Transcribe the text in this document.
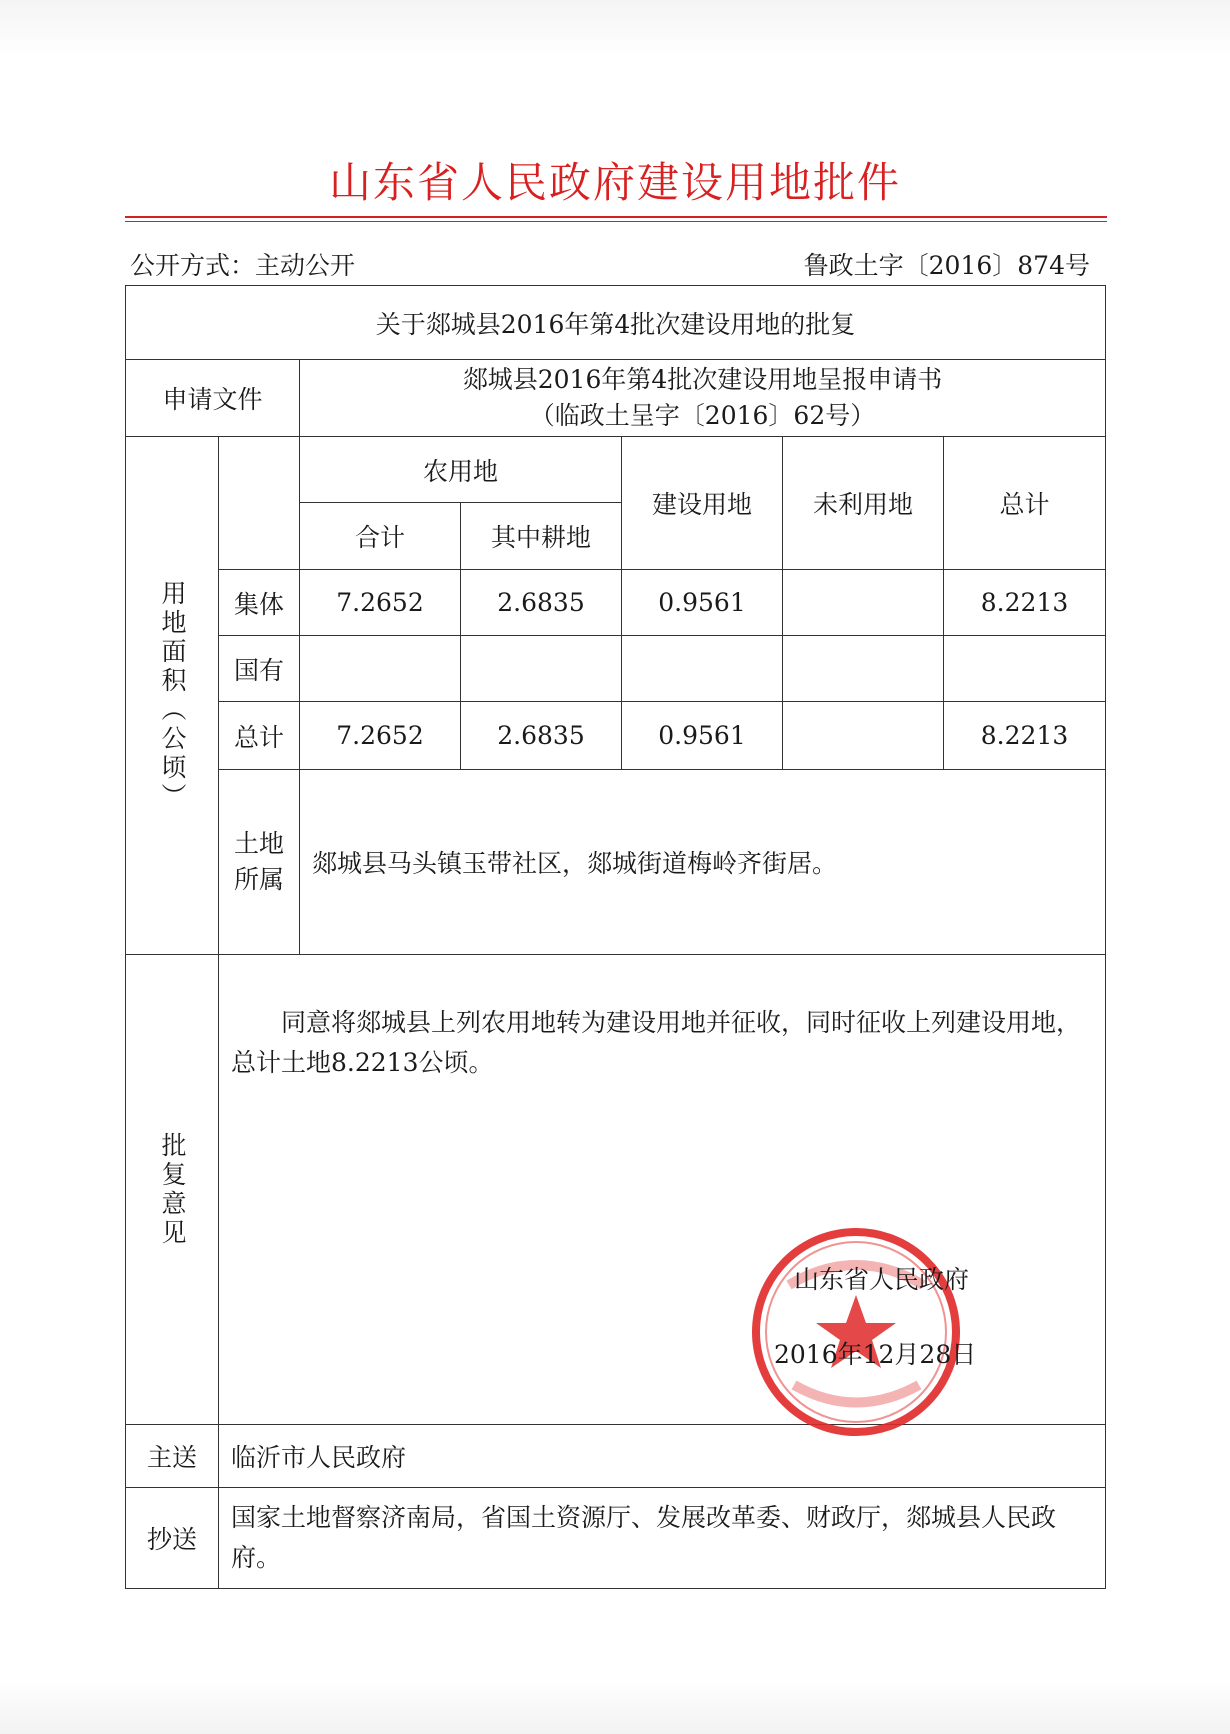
山东省人民政府建设用地批件
公开方式：主动公开	鲁政土字〔2016〕874号
关于郯城县2016年第4批次建设用地的批复						
申请文件		郯城县2016年第4批次建设用地呈报申请书
（临政土呈字〔2016〕62号）				

用地面积（公顷）		农用地		建设用地	未利用地	总计
		合计	其中耕地			
	集体	7.2652	2.6835	0.9561		8.2213
	国有					
	总计	7.2652	2.6835	0.9561		8.2213

	土地所属	郯城县马头镇玉带社区，郯城街道梅岭齐街居。				

批复意见	同意将郯城县上列农用地转为建设用地并征收，同时征收上列建设用地，总计土地8.2213公顷。
山东省人民政府
2016年12月28日					

主送	临沂市人民政府					
抄送	国家土地督察济南局，省国土资源厅、发展改革委、财政厅，郯城县人民政府。					
